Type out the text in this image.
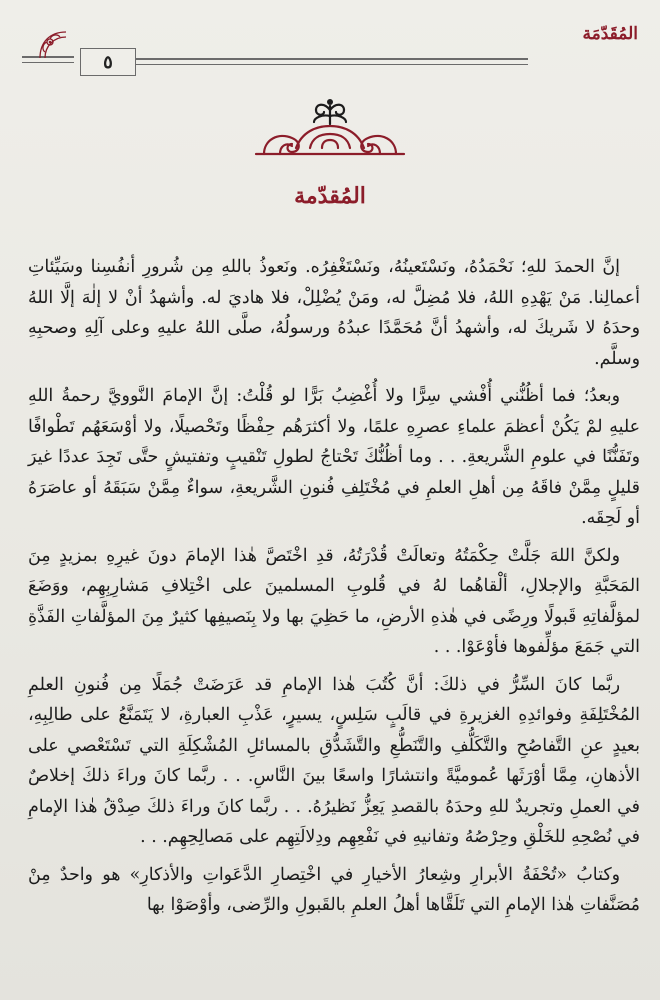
المُقَدّمَة
٥
المُقدّمة

إنَّ الحمدَ للهِ؛ نَحْمَدُهُ، ونَسْتَعينُهُ، ونَسْتَغْفِرُه. ونَعوذُ باللهِ مِن شُرورِ أنفُسِنا وسَيِّئاتِ أعمالِنا. مَنْ يَهْدِهِ اللهُ، فلا مُضِلَّ له، ومَنْ يُضْلِلْ، فلا هاديَ له. وأشهدُ أنْ لا إلٰهَ إلَّا اللهُ وحدَهُ لا شَريكَ له، وأشهدُ أنَّ مُحَمَّدًا عبدُهُ ورسولُهُ، صلَّى اللهُ عليهِ وعلى آلِهِ وصحبِهِ وسلَّم.

وبعدُ؛ فما أظُنُّني أُفْشي سِرًّا ولا أُغْضِبُ بَرًّا لو قُلْتُ: إنَّ الإمامَ النَّوويَّ رحمةُ اللهِ عليهِ لمْ يَكُنْ أعظمَ علماءِ عصرِهِ علمًا، ولا أكثرَهُم حِفْظًا وتَحْصيلًا، ولا أوْسَعَهُم تَطْوافًا وتَفَنُّنًا في علومِ الشَّريعةِ. . . وما أظُنُّكَ تَحْتاجُ لطولِ تَنْقيبٍ وتفتيشٍ حتَّى تَجِدَ عددًا غيرَ قليلٍ مِمَّنْ فاقَهُ مِن أهلِ العلمِ في مُخْتَلِفِ فُنونِ الشَّريعةِ، سواءٌ مِمَّنْ سَبَقَهُ أو عاصَرَهُ أو لَحِقَه.

ولكنَّ اللهَ جَلَّتْ حِكْمَتُهُ وتعالَتْ قُدْرَتُهُ، قدِ اخْتَصَّ هٰذا الإمامَ دونَ غيرِهِ بمزيدٍ مِنَ المَحَبَّةِ والإجلالِ، ألْقاهُما لهُ في قُلوبِ المسلمينَ على اخْتِلافِ مَشارِبِهِم، ووَضَعَ لمؤلَّفاتِهِ قَبولًا ورِضًى في هٰذهِ الأرضِ، ما حَظِيَ بها ولا بِنَصيفِها كثيرٌ مِنَ المؤلَّفاتِ الفَذَّةِ التي جَمَعَ مؤلِّفوها فأوْعَوْا. . .

ربَّما كانَ السِّرُّ في ذلكَ: أنَّ كُتُبَ هٰذا الإمامِ قد عَرَضَتْ جُمَلًا مِن فُنونِ العلمِ المُخْتَلِفَةِ وفوائدِهِ الغزيرةِ في قالَبٍ سَلِسٍ، يسيرٍ، عَذْبِ العبارةِ، لا يَتَمَنَّعُ على طالِبِهِ، بعيدٍ عنِ التَّفاصُحِ والتَّكَلُّفِ والتَّنَطُّعِ والتَّشَدُّقِ بالمسائلِ المُشْكِلَةِ التي تَسْتَعْصي على الأذهانِ، مِمَّا أوْرَثَها عُموميَّةً وانتشارًا واسعًا بينَ النَّاسِ. . . ربَّما كانَ وراءَ ذلكَ إخلاصٌ في العملِ وتجريدٌ للهِ وحدَهُ بالقصدِ يَعِزُّ نَظيرُهُ. . . ربَّما كانَ وراءَ ذلكَ صِدْقُ هٰذا الإمامِ في نُصْحِهِ للخَلْقِ وحِرْصُهُ وتفانيهِ في نَفْعِهِم ودِلالَتِهِم على مَصالِحِهِم. . .

وكتابُ «تُحْفَةُ الأبرارِ وشِعارُ الأخيارِ في اخْتِصارِ الدَّعَواتِ والأذكارِ» هو واحدٌ مِنْ مُصَنَّفاتِ هٰذا الإمامِ التي تَلَقَّاها أهلُ العلمِ بالقَبولِ والرِّضى، وأوْصَوْا بها
